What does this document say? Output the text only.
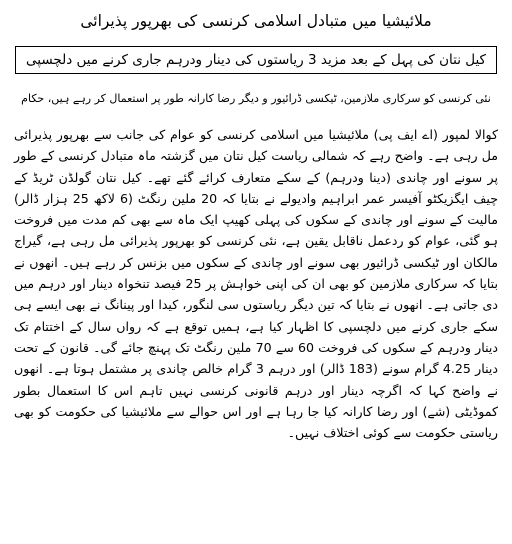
ملائیشیا میں متبادل اسلامی کرنسی کی بھرپور پذیرائی
کیل نتان کی پہل کے بعد مزید 3 ریاستوں کی دینار ودرہم جاری کرنے میں دلچسپی
نئی کرنسی کو سرکاری ملازمین، ٹیکسی ڈرائیور و دیگر رضا کارانہ طور پر استعمال کر رہے ہیں، حکام

کوالا لمپور (اے ایف پی) ملائیشیا میں اسلامی کرنسی کو عوام کی جانب سے بھرپور پذیرائی مل رہی ہے۔ واضح رہے کہ شمالی ریاست کیل نتان میں گزشتہ ماہ متبادل کرنسی کے طور پر سونے اور چاندی (دینا ودرہم) کے سکے متعارف کرائے گئے تھے۔ کیل نتان گولڈن ٹریڈ کے چیف ایگزیکٹو آفیسر عمر ابراہیم وادیولے نے بتایا کہ 20 ملین رنگٹ (6 لاکھ 25 ہزار ڈالر) مالیت کے سونے اور چاندی کے سکوں کی پہلی کھیپ ایک ماہ سے بھی کم مدت میں فروخت ہو گئی، عوام کو ردعمل ناقابل یقین ہے، نئی کرنسی کو بھرپور پذیرائی مل رہی ہے، گیراج مالکان اور ٹیکسی ڈرائیور بھی سونے اور چاندی کے سکوں میں بزنس کر رہے ہیں۔ انھوں نے بتایا کہ سرکاری ملازمین کو بھی ان کی اپنی خواہش پر 25 فیصد تنخواہ دینار اور درہم میں دی جاتی ہے۔ انھوں نے بتایا کہ تین دیگر ریاستوں سی لنگور، کیدا اور پینانگ نے بھی ایسے ہی سکے جاری کرنے میں دلچسپی کا اظہار کیا ہے، ہمیں توقع ہے کہ رواں سال کے اختتام تک دینار ودرہم کے سکوں کی فروخت 60 سے 70 ملین رنگٹ تک پہنچ جائے گی۔ قانون کے تحت دینار 4.25 گرام سونے (183 ڈالر) اور درہم 3 گرام خالص چاندی پر مشتمل ہوتا ہے۔ انھوں نے واضح کہا کہ اگرچہ دینار اور درہم قانونی کرنسی نہیں تاہم اس کا استعمال بطور کموڈیٹی (شے) اور رضا کارانہ کیا جا رہا ہے اور اس حوالے سے ملائیشیا کی حکومت کو بھی ریاستی حکومت سے کوئی اختلاف نہیں۔
